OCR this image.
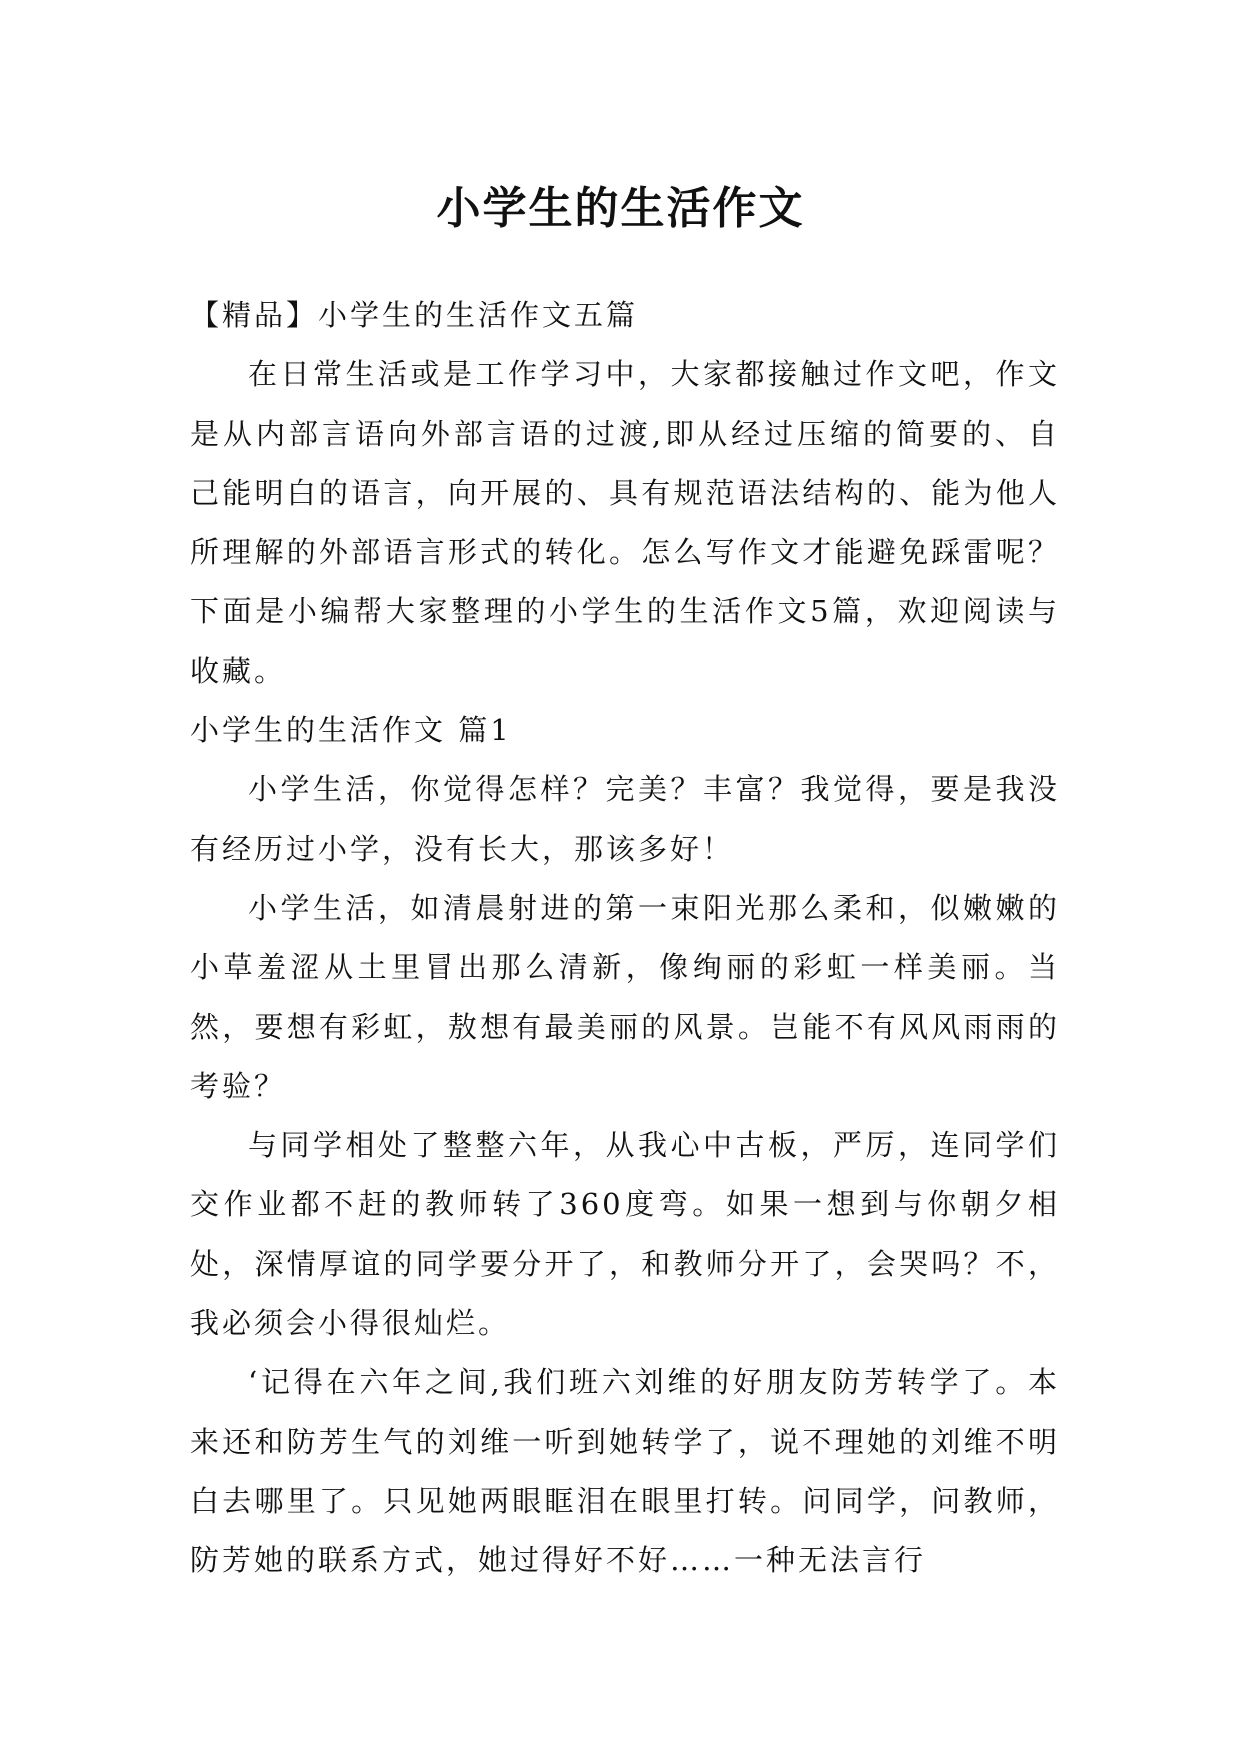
小学生的生活作文

【精品】小学生的生活作文五篇

在日常生活或是工作学习中，大家都接触过作文吧，作文是从内部言语向外部言语的过渡,即从经过压缩的简要的、自己能明白的语言，向开展的、具有规范语法结构的、能为他人所理解的外部语言形式的转化。怎么写作文才能避免踩雷呢？下面是小编帮大家整理的小学生的生活作文5篇，欢迎阅读与收藏。

小学生的生活作文 篇1

小学生活，你觉得怎样？完美？丰富？我觉得，要是我没有经历过小学，没有长大，那该多好！

小学生活，如清晨射进的第一束阳光那么柔和，似嫩嫩的小草羞涩从土里冒出那么清新，像绚丽的彩虹一样美丽。当然，要想有彩虹，敖想有最美丽的风景。岂能不有风风雨雨的考验？

与同学相处了整整六年，从我心中古板，严厉，连同学们交作业都不赶的教师转了360度弯。如果一想到与你朝夕相处，深情厚谊的同学要分开了，和教师分开了，会哭吗？不，我必须会小得很灿烂。

‘记得在六年之间,我们班六刘维的好朋友防芳转学了。本来还和防芳生气的刘维一听到她转学了，说不理她的刘维不明白去哪里了。只见她两眼眶泪在眼里打转。问同学，问教师，防芳她的联系方式，她过得好不好……一种无法言行
